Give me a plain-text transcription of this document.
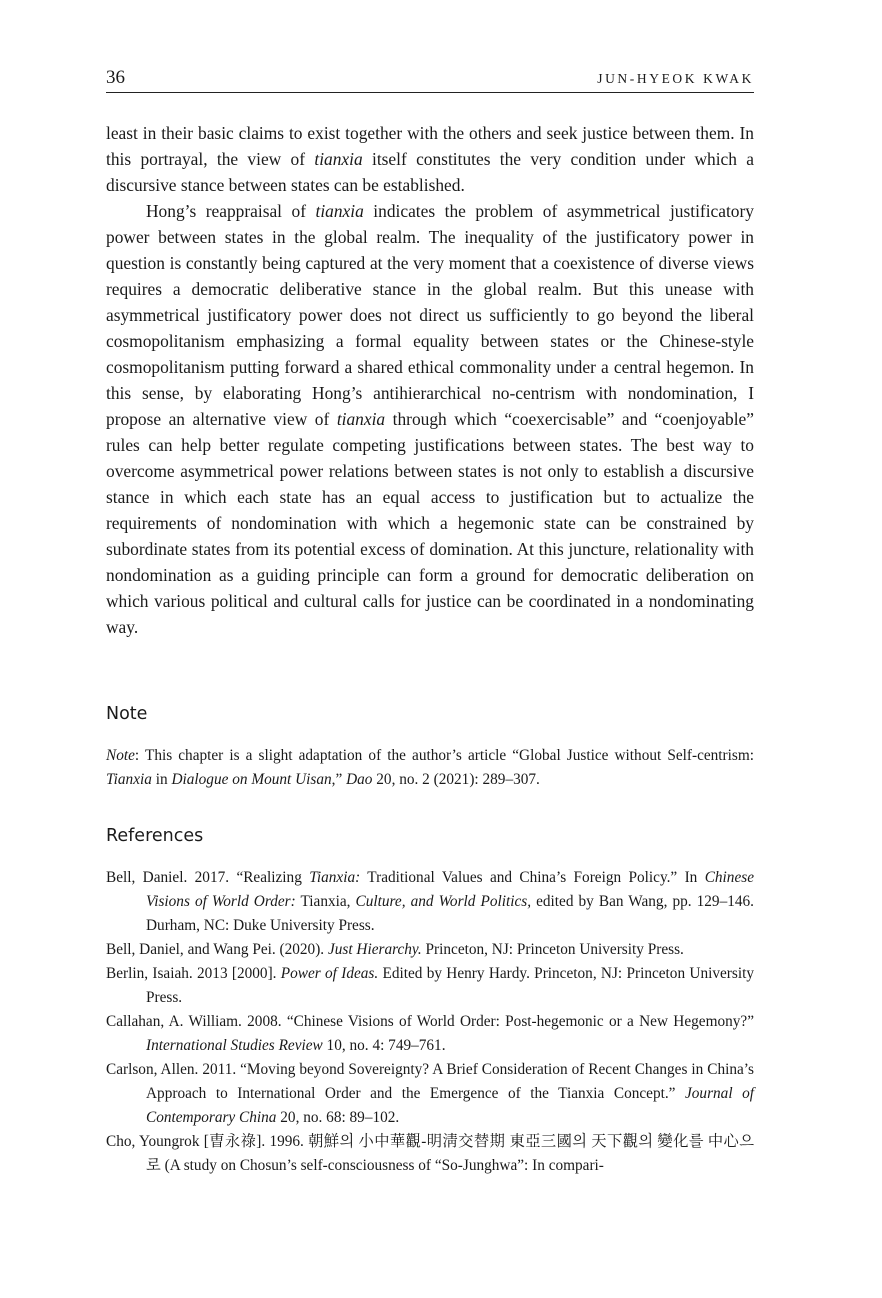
36	JUN-HYEOK KWAK

least in their basic claims to exist together with the others and seek justice between them. In this portrayal, the view of tianxia itself constitutes the very condition under which a discursive stance between states can be established.

Hong’s reappraisal of tianxia indicates the problem of asymmetrical justificatory power between states in the global realm. The inequality of the justificatory power in question is constantly being captured at the very moment that a coexistence of diverse views requires a democratic deliberative stance in the global realm. But this unease with asymmetrical justificatory power does not direct us sufficiently to go beyond the liberal cosmopolitanism emphasizing a formal equality between states or the Chinese-style cosmopolitanism putting forward a shared ethical commonality under a central hegemon. In this sense, by elaborating Hong’s antihierarchical no-centrism with nondomination, I propose an alternative view of tianxia through which “coexercisable” and “coenjoyable” rules can help better regulate competing justifications between states. The best way to overcome asymmetrical power relations between states is not only to establish a discursive stance in which each state has an equal access to justification but to actualize the requirements of nondomination with which a hegemonic state can be constrained by subordinate states from its potential excess of domination. At this juncture, relationality with nondomination as a guiding principle can form a ground for democratic deliberation on which various political and cultural calls for justice can be coordinated in a nondominating way.

Note

Note: This chapter is a slight adaptation of the author’s article “Global Justice without Self-centrism: Tianxia in Dialogue on Mount Uisan,” Dao 20, no. 2 (2021): 289–307.

References
Bell, Daniel. 2017. “Realizing Tianxia: Traditional Values and China’s Foreign Policy.” In Chinese Visions of World Order: Tianxia, Culture, and World Politics, edited by Ban Wang, pp. 129–146. Durham, NC: Duke University Press.
Bell, Daniel, and Wang Pei. (2020). Just Hierarchy. Princeton, NJ: Princeton University Press.
Berlin, Isaiah. 2013 [2000]. Power of Ideas. Edited by Henry Hardy. Princeton, NJ: Princeton University Press.
Callahan, A. William. 2008. “Chinese Visions of World Order: Post-hegemonic or a New Hegemony?” International Studies Review 10, no. 4: 749–761.
Carlson, Allen. 2011. “Moving beyond Sovereignty? A Brief Consideration of Recent Changes in China’s Approach to International Order and the Emergence of the Tianxia Concept.” Journal of Contemporary China 20, no. 68: 89–102.
Cho, Youngrok [曺永祿]. 1996. 朝鮮의 小中華觀-明淸交替期 東亞三國의 天下觀의 變化를 中心으로 (A study on Chosun’s self-consciousness of “So-Junghwa”: In compari-
